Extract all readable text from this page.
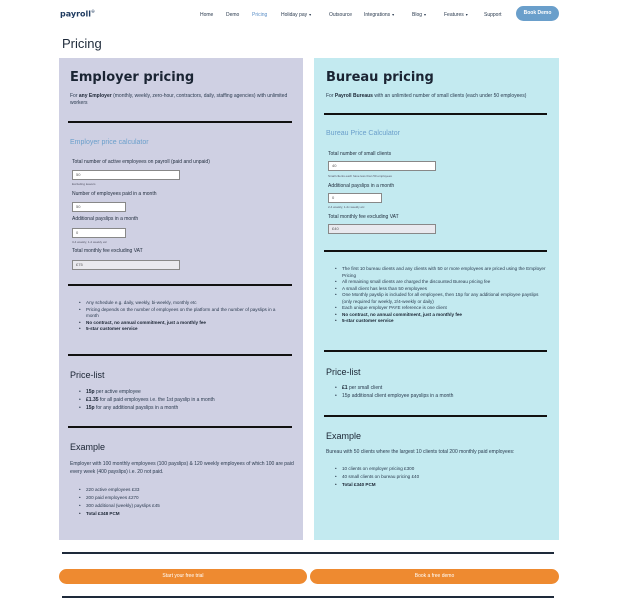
payroll®
Home	Demo	Pricing	Holiday pay ▾	Outsource Integrations ▾	Blog ▾	Features ▾	Support	Book Demo
Pricing
Employer pricing
For any Employer (monthly, weekly, zero-hour, contractors, daily, staffing agencies) with unlimited workers
Employer price calculator
Total number of active employees on payroll (paid and unpaid)
50
Excluding leavers
Number of employees paid in a month
50
Additional payslips in a month
0
3-4 weekly, 1-2 weekly etc
Total monthly fee excluding VAT
£75
• Any schedule e.g. daily, weekly, bi-weekly, monthly etc
• Pricing depends on the number of employees on the platform and the number of payslips in a month
• No contract, no annual commitment, just a monthly fee
• 5-star customer service
Price-list
• 15p per active employee
• £1.35 for all paid employees i.e. the 1st payslip in a month
• 15p for any additional payslips in a month
Example
Employer with 100 monthly employees (100 payslips) & 120 weekly employees of which 100 are paid every week (400 payslips) i.e. 20 not paid.
• 220 active employees £33
• 200 paid employees £270
• 300 additional (weekly) payslips £45
• Total £348 PCM
Bureau pricing
For Payroll Bureaus with an unlimited number of small clients (each under 50 employees)
Bureau Price Calculator
Total number of small clients
40
Small clients each have less than 50 employees
Additional payslips in a month
0
2-4 weekly, 1-2x weekly etc
Total monthly fee excluding VAT
£40
• The first 10 bureau clients and any clients with 50 or more employees are priced using the Employer Pricing
• All remaining small clients are charged the discounted Bureau pricing fee
• A small client has less than 50 employees
• One Monthly payslip is included for all employees, then 15p for any additional employee payslips (only required for weekly, 2/4-weekly or daily)
• Each unique employer PAYE reference is one client
• No contract, no annual commitment, just a monthly fee
• 5-star customer service
Price-list
• £1 per small client
• 15p additional client employee payslips in a month
Example
Bureau with 50 clients where the largest 10 clients total 200 monthly paid employees:
• 10 clients on employer pricing £300
• 40 small clients on bureau pricing £40
• Total £340 PCM
Start your free trial	Book a free demo
